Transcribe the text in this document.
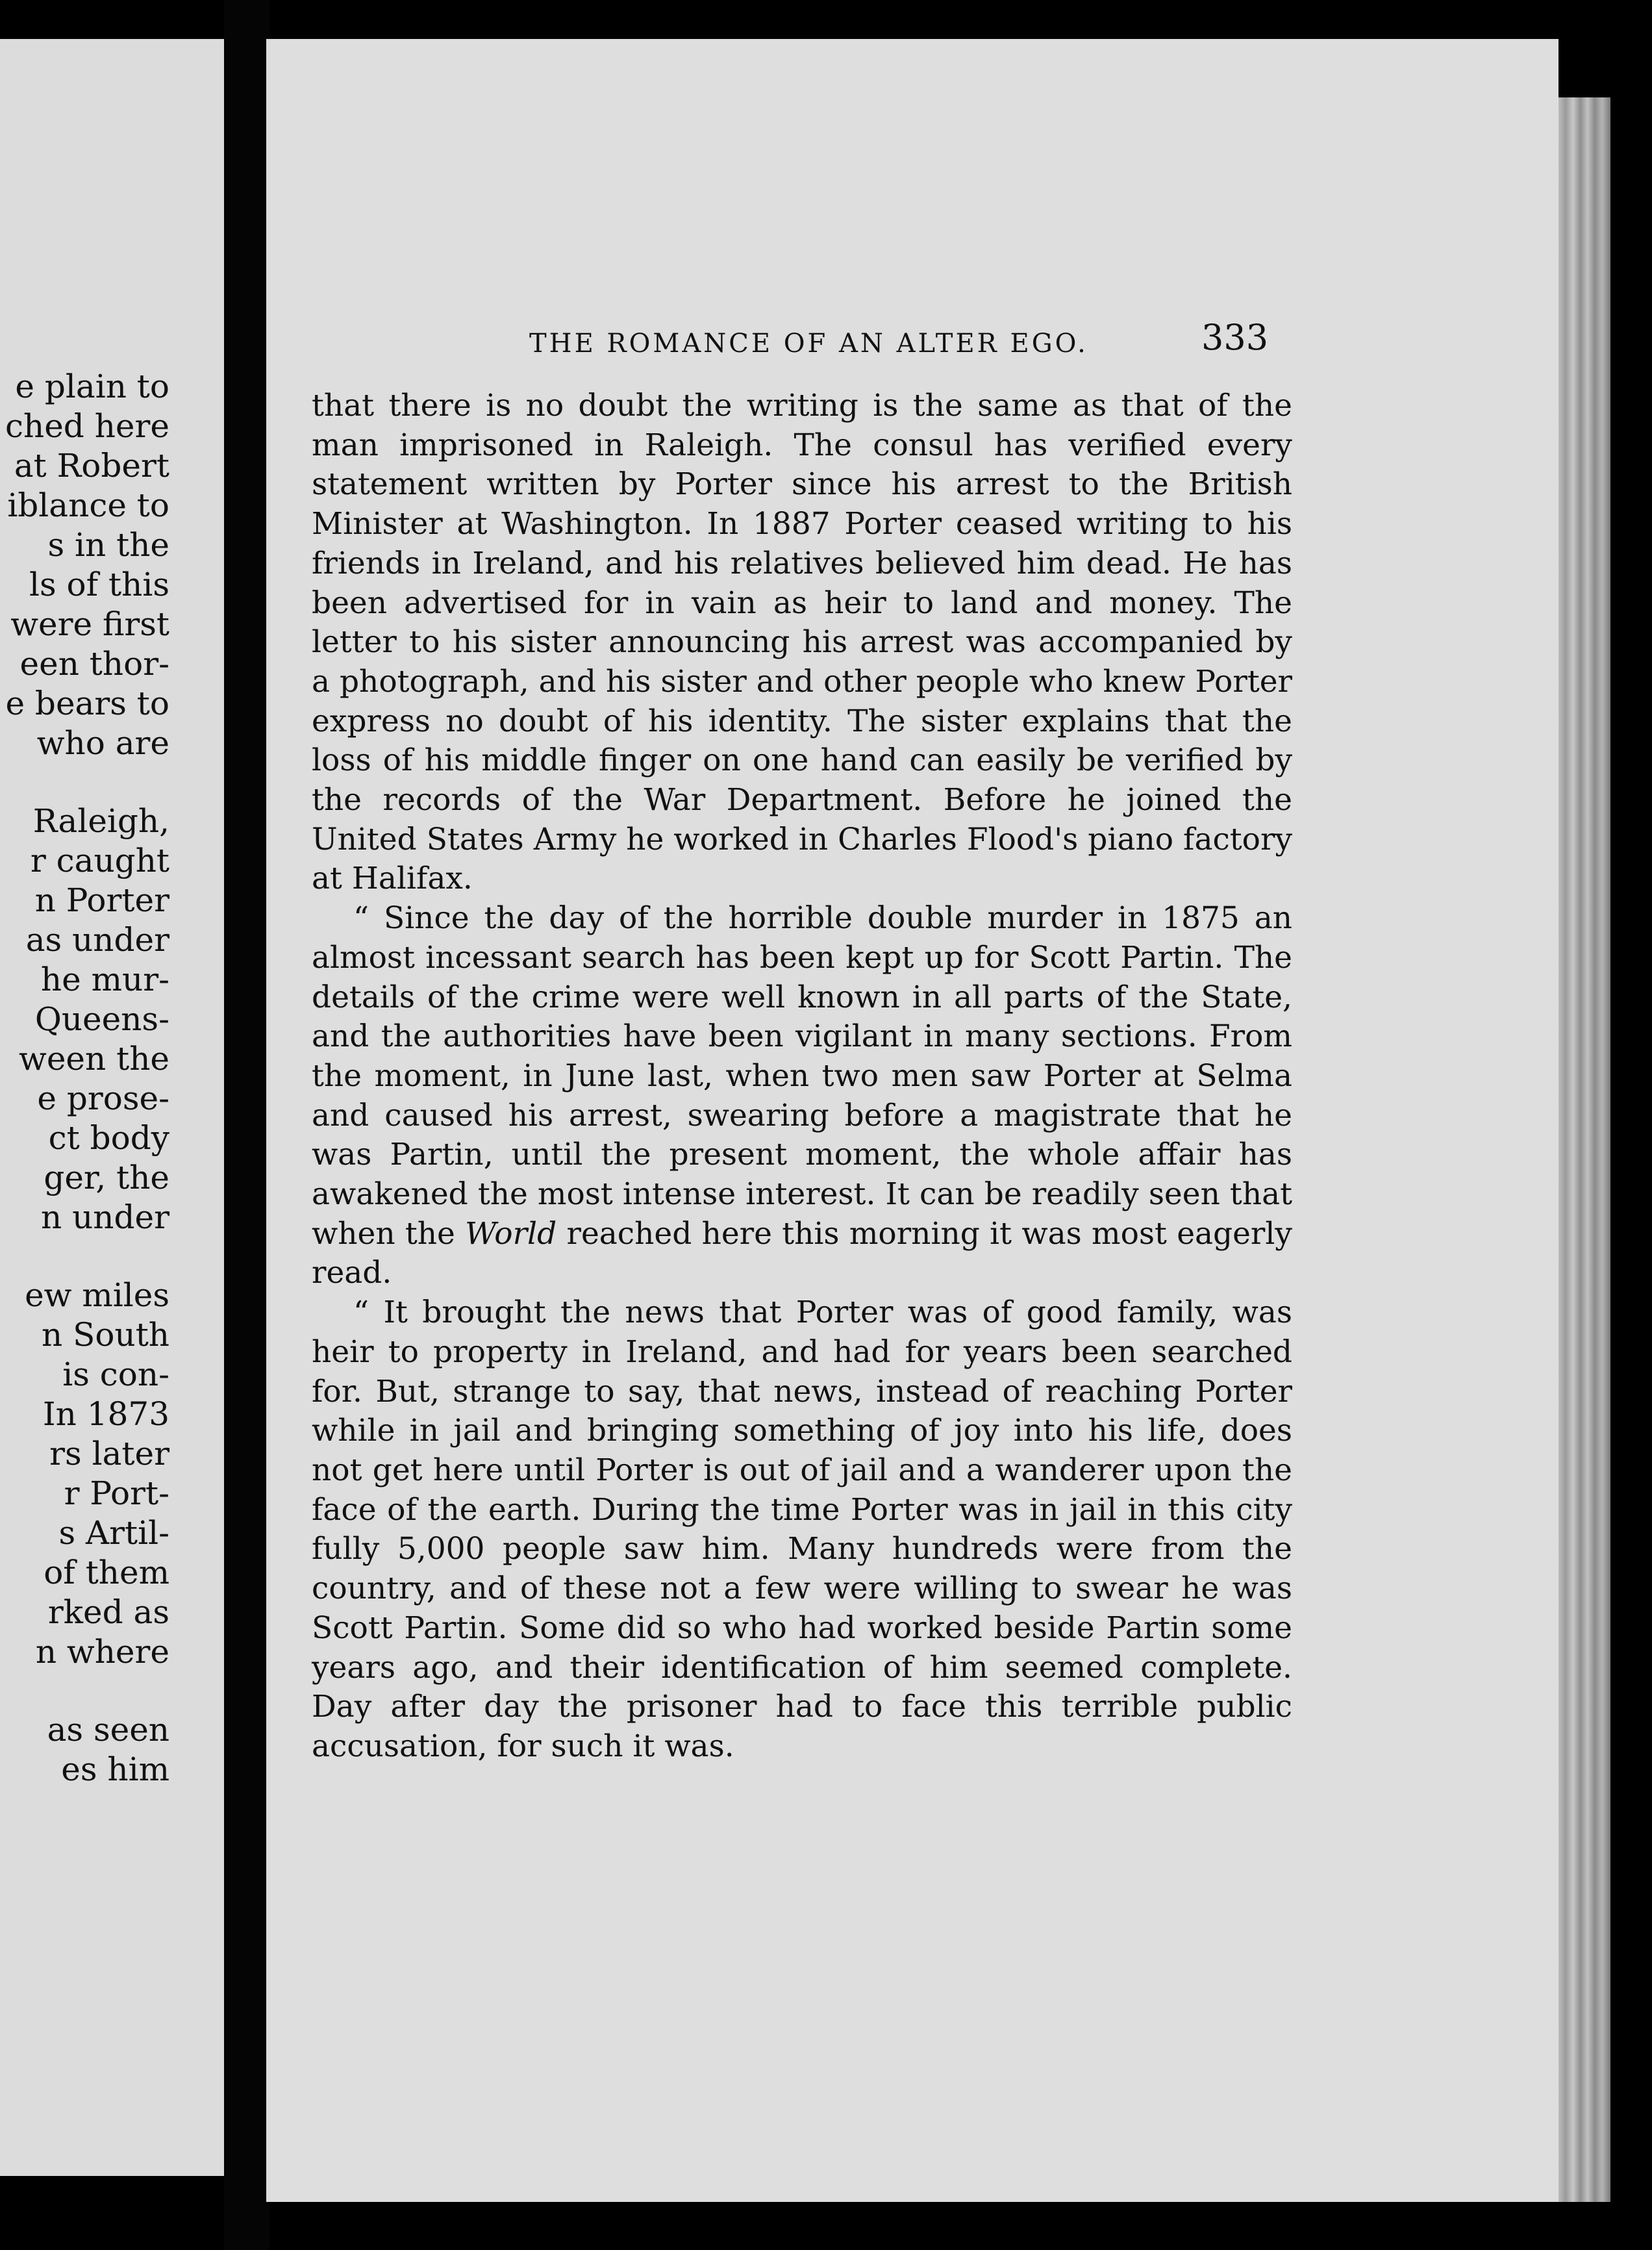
e plain to
ched here
at Robert
iblance to
s in the
ls of this
were first
een thor-
e bears to
who are
Raleigh,
r caught
n Porter
as under
he mur-
Queens-
ween the
e prose-
ct body
ger, the
n under
ew miles
n South
is con-
In 1873
rs later
r Port-
s Artil-
of them
rked as
n where
as seen
es him
THE ROMANCE OF AN ALTER EGO.	333

that there is no doubt the writing is the same as that of the man imprisoned in Raleigh. The consul has verified every statement written by Porter since his arrest to the British Minister at Washington. In 1887 Porter ceased writing to his friends in Ireland, and his relatives believed him dead. He has been advertised for in vain as heir to land and money. The letter to his sister announcing his arrest was accompanied by a photograph, and his sister and other people who knew Porter express no doubt of his identity. The sister explains that the loss of his middle finger on one hand can easily be verified by the records of the War Department. Before he joined the United States Army he worked in Charles Flood's piano factory at Halifax.

“ Since the day of the horrible double murder in 1875 an almost incessant search has been kept up for Scott Partin. The details of the crime were well known in all parts of the State, and the authorities have been vigilant in many sections. From the moment, in June last, when two men saw Porter at Selma and caused his arrest, swearing before a magistrate that he was Partin, until the present moment, the whole affair has awakened the most intense interest. It can be readily seen that when the World reached here this morning it was most eagerly read.

“ It brought the news that Porter was of good family, was heir to property in Ireland, and had for years been searched for. But, strange to say, that news, instead of reaching Porter while in jail and bringing something of joy into his life, does not get here until Porter is out of jail and a wanderer upon the face of the earth. During the time Porter was in jail in this city fully 5,000 people saw him. Many hundreds were from the country, and of these not a few were willing to swear he was Scott Partin. Some did so who had worked beside Partin some years ago, and their identification of him seemed complete. Day after day the prisoner had to face this terrible public accusation, for such it was.
